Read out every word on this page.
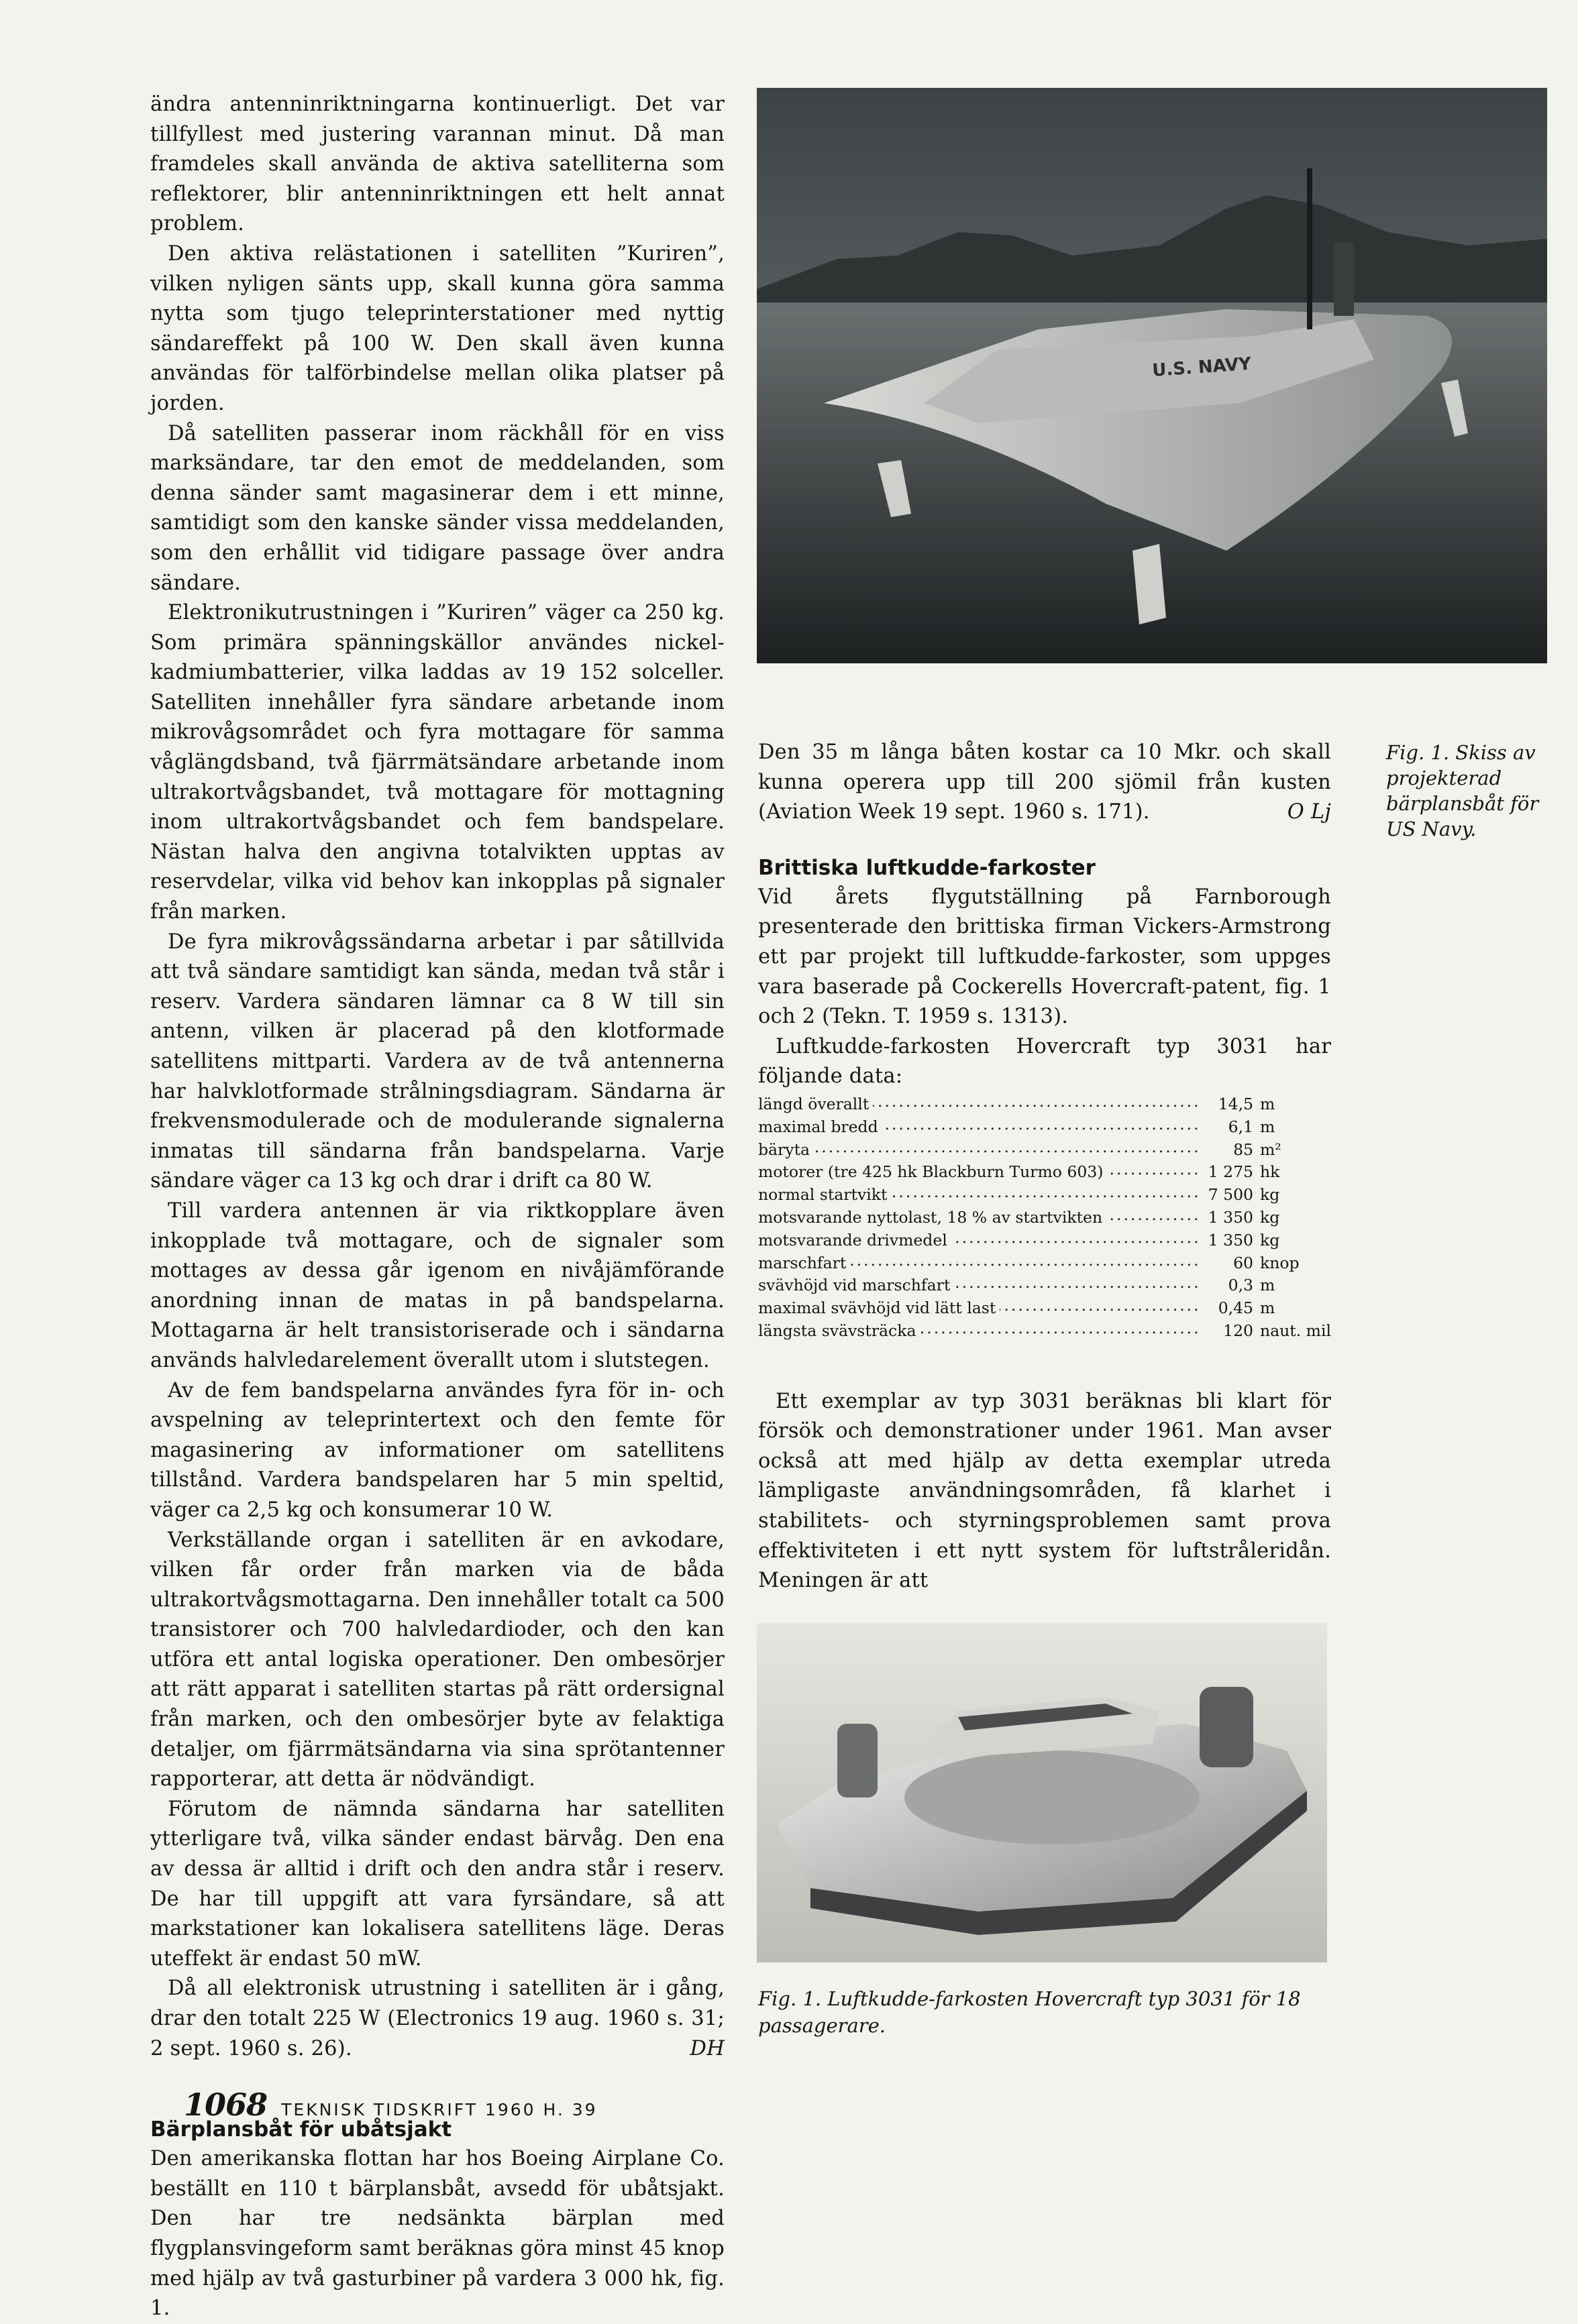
ändra antenninriktningarna kontinuerligt. Det var tillfyllest med justering varannan minut. Då man framdeles skall använda de aktiva satelliterna som reflektorer, blir antenninriktningen ett helt annat problem.

Den aktiva relästationen i satelliten ”Kuriren”, vilken nyligen sänts upp, skall kunna göra samma nytta som tjugo teleprinterstationer med nyttig sändareffekt på 100 W. Den skall även kunna användas för talförbindelse mellan olika platser på jorden.

Då satelliten passerar inom räckhåll för en viss marksändare, tar den emot de meddelanden, som denna sänder samt magasinerar dem i ett minne, samtidigt som den kanske sänder vissa meddelanden, som den erhållit vid tidigare passage över andra sändare.

Elektronikutrustningen i ”Kuriren” väger ca 250 kg. Som primära spänningskällor användes nickel-kadmiumbatterier, vilka laddas av 19 152 solceller. Satelliten innehåller fyra sändare arbetande inom mikrovågsområdet och fyra mottagare för samma våglängdsband, två fjärrmätsändare arbetande inom ultrakortvågsbandet, två mottagare för mottagning inom ultrakortvågsbandet och fem bandspelare. Nästan halva den angivna totalvikten upptas av reservdelar, vilka vid behov kan inkopplas på signaler från marken.

De fyra mikrovågssändarna arbetar i par såtillvida att två sändare samtidigt kan sända, medan två står i reserv. Vardera sändaren lämnar ca 8 W till sin antenn, vilken är placerad på den klotformade satellitens mittparti. Vardera av de två antennerna har halvklotformade strålningsdiagram. Sändarna är frekvensmodulerade och de modulerande signalerna inmatas till sändarna från bandspelarna. Varje sändare väger ca 13 kg och drar i drift ca 80 W.

Till vardera antennen är via riktkopplare även inkopplade två mottagare, och de signaler som mottages av dessa går igenom en nivåjämförande anordning innan de matas in på bandspelarna. Mottagarna är helt transistoriserade och i sändarna används halvledarelement överallt utom i slutstegen.

Av de fem bandspelarna användes fyra för in- och avspelning av teleprintertext och den femte för magasinering av informationer om satellitens tillstånd. Vardera bandspelaren har 5 min speltid, väger ca 2,5 kg och konsumerar 10 W.

Verkställande organ i satelliten är en avkodare, vilken får order från marken via de båda ultrakortvågsmottagarna. Den innehåller totalt ca 500 transistorer och 700 halvledardioder, och den kan utföra ett antal logiska operationer. Den ombesörjer att rätt apparat i satelliten startas på rätt ordersignal från marken, och den ombesörjer byte av felaktiga detaljer, om fjärrmätsändarna via sina sprötantenner rapporterar, att detta är nödvändigt.

Förutom de nämnda sändarna har satelliten ytterligare två, vilka sänder endast bärvåg. Den ena av dessa är alltid i drift och den andra står i reserv. De har till uppgift att vara fyrsändare, så att markstationer kan lokalisera satellitens läge. Deras uteffekt är endast 50 mW.

Då all elektronisk utrustning i satelliten är i gång, drar den totalt 225 W (Electronics 19 aug. 1960 s. 31; 2 sept. 1960 s. 26).	DH

Bärplansbåt för ubåtsjakt

Den amerikanska flottan har hos Boeing Airplane Co. beställt en 110 t bärplansbåt, avsedd för ubåtsjakt. Den har tre nedsänkta bärplan med flygplansvingeform samt beräknas göra minst 45 knop med hjälp av två gasturbiner på vardera 3 000 hk, fig. 1.

U.S. NAVY

Fig. 1. Skiss av projekterad bärplansbåt för US Navy.

Den 35 m långa båten kostar ca 10 Mkr. och skall kunna operera upp till 200 sjömil från kusten (Aviation Week 19 sept. 1960 s. 171).	O Lj

Brittiska luftkudde-farkoster

Vid årets flygutställning på Farnborough presenterade den brittiska firman Vickers-Armstrong ett par projekt till luftkudde-farkoster, som uppges vara baserade på Cockerells Hovercraft-patent, fig. 1 och 2 (Tekn. T. 1959 s. 1313).

Luftkudde-farkosten Hovercraft typ 3031 har följande data:

längd överallt .....	14,5	m
maximal bredd .....	6,1	m
bäryta .....	85	m²
motorer (tre 425 hk Blackburn Turmo 603) .....	1 275	hk
normal startvikt .....	7 500	kg
motsvarande nyttolast, 18 % av startvikten .....	1 350	kg
motsvarande drivmedel .....	1 350	kg
marschfart .....	60	knop
svävhöjd vid marschfart .....	0,3	m
maximal svävhöjd vid lätt last .....	0,45	m
längsta svävsträcka .....	120	naut. mil

Ett exemplar av typ 3031 beräknas bli klart för försök och demonstrationer under 1961. Man avser också att med hjälp av detta exemplar utreda lämpligaste användningsområden, få klarhet i stabilitets- och styrningsproblemen samt prova effektiviteten i ett nytt system för luftstråleridån. Meningen är att

Fig. 1. Luftkudde-farkosten Hovercraft typ 3031 för 18 passagerare.

1068 TEKNISK TIDSKRIFT 1960 H. 39
